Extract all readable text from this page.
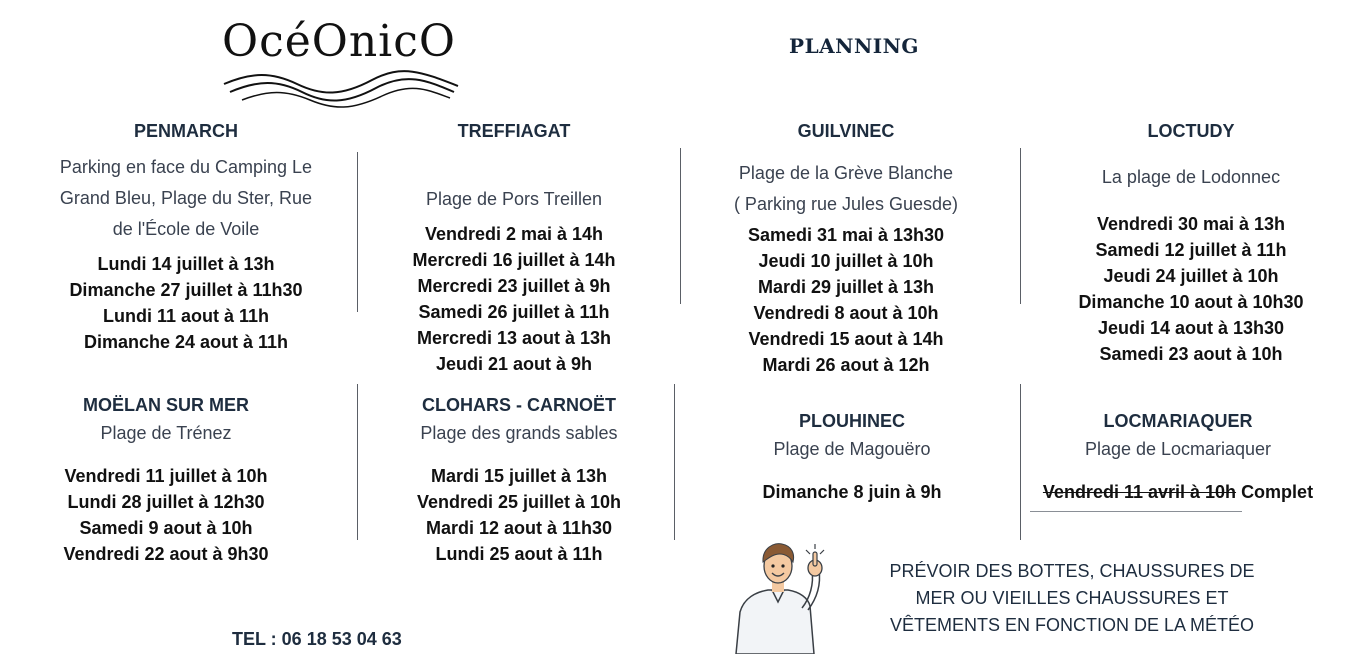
OcéOnicO	PLANNING
PENMARCH
Parking en face du Camping Le
Grand Bleu, Plage du Ster, Rue
de l'École de Voile
Lundi 14 juillet à 13h
Dimanche 27 juillet à 11h30
Lundi 11 aout à 11h
Dimanche 24 aout à 11h
TREFFIAGAT
Plage de Pors Treillen
Vendredi 2 mai à 14h
Mercredi 16 juillet à 14h
Mercredi 23 juillet à 9h
Samedi 26 juillet à 11h
Mercredi 13 aout à 13h
Jeudi 21 aout à 9h
GUILVINEC
Plage de la Grève Blanche
( Parking rue Jules Guesde)
Samedi 31 mai à 13h30
Jeudi 10 juillet à 10h
Mardi 29 juillet à 13h
Vendredi 8 aout à 10h
Vendredi 15 aout à 14h
Mardi 26 aout à 12h
LOCTUDY
La plage de Lodonnec
Vendredi 30 mai à 13h
Samedi 12 juillet à 11h
Jeudi 24 juillet à 10h
Dimanche 10 aout à 10h30
Jeudi 14 aout à 13h30
Samedi 23 aout à 10h
MOËLAN SUR MER
Plage de Trénez
Vendredi 11 juillet à 10h
Lundi 28 juillet à 12h30
Samedi 9 aout à 10h
Vendredi 22 aout à 9h30
CLOHARS - CARNOËT
Plage des grands sables
Mardi 15 juillet à 13h
Vendredi 25 juillet à 10h
Mardi 12 aout à 11h30
Lundi 25 aout à 11h
PLOUHINEC
Plage de Magouëro
Dimanche 8 juin à 9h
LOCMARIAQUER
Plage de Locmariaquer
Vendredi 11 avril à 10h Complet
PRÉVOIR DES BOTTES, CHAUSSURES DE
MER OU VIEILLES CHAUSSURES ET
VÊTEMENTS EN FONCTION DE LA MÉTÉO
TEL : 06 18 53 04 63
